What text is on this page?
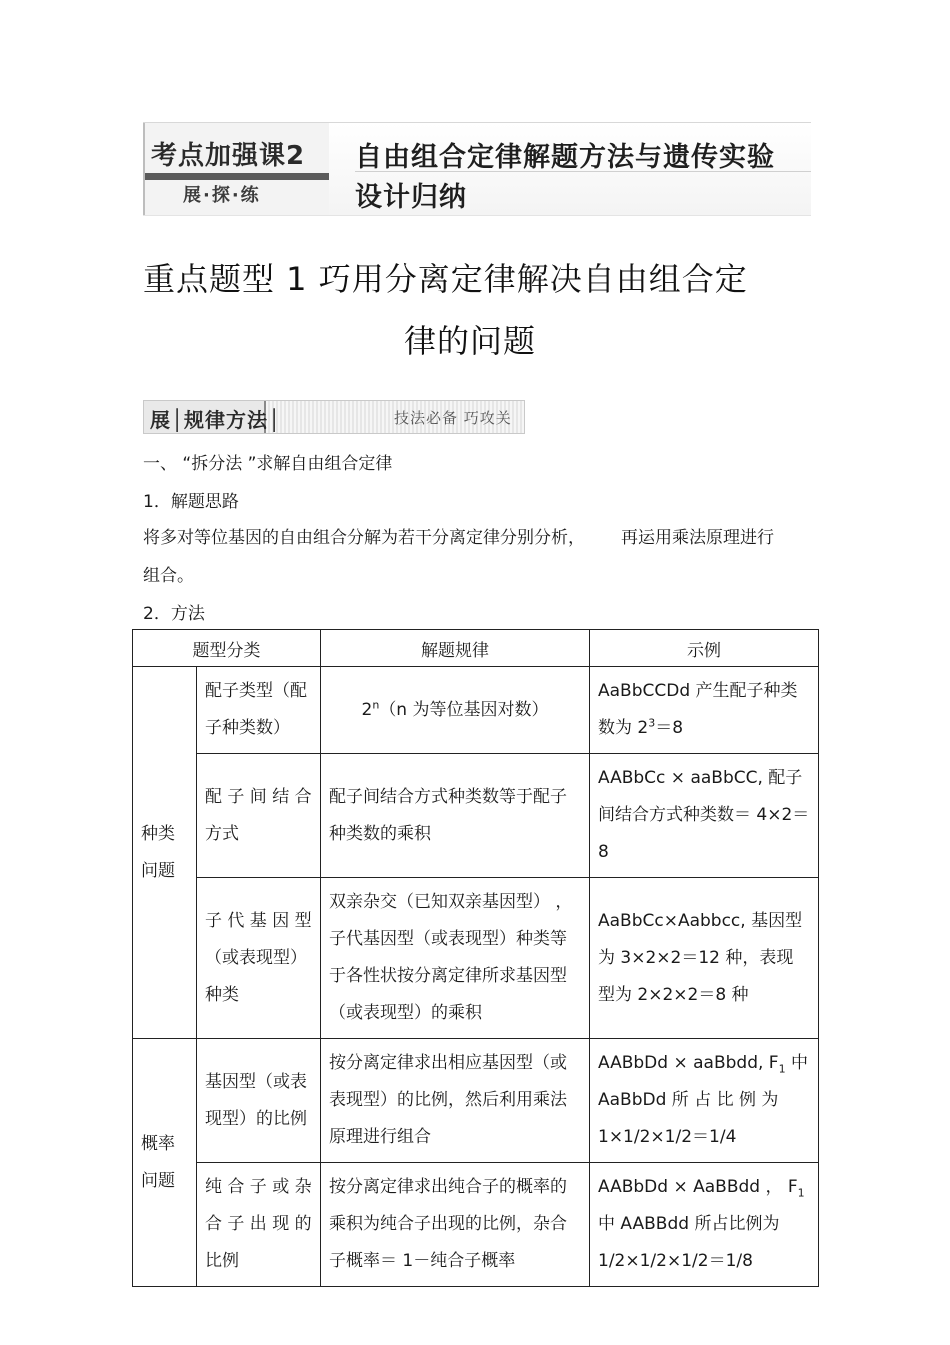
考点加强课2
展·探·练
自由组合定律解题方法与遗传实验
设计归纳
重点题型 1 巧用分离定律解决自由组合定
律的问题
展│规律方法│	技法必备 巧攻关
一、 “拆分法 ”求解自由组合定律
1．解题思路
将多对等位基因的自由组合分解为若干分离定律分别分析， 再运用乘法原理进行
组合。
2．方法
题型分类		解题规律	示例
种类问题	配子类型（配子种类数）	2$^n$（n 为等位基因对数）	AaBbCCDd 产生配子种类数为 $2^3=8$
	配 子 间 结 合方式	配子间结合方式种类数等于配子种类数的乘积	AABbCc × aaBbCC, 配子间结合方式种类数＝ 4×2＝8
	子 代 基 因 型（或表现型）种类	双亲杂交（已知双亲基因型） ，子代基因型（或表现型）种类等于各性状按分离定律所求基因型（或表现型）的乘积	AaBbCc×Aabbcc, 基因型为 3×2×2＝12 种，表现型为 2×2×2＝8 种
概率问题	基因型（或表现型）的比例	按分离定律求出相应基因型（或表现型）的比例，然后利用乘法原理进行组合	AABbDd × aaBbdd, $F_1$ 中 AaBbDd 所 占 比 例 为 1×1/2×1/2＝1/4
	纯 合 子 或 杂合 子 出 现 的比例	按分离定律求出纯合子的概率的乘积为纯合子出现的比例，杂合子概率＝ 1－纯合子概率	AABbDd × AaBBdd ， $F_1$ 中 AABBdd 所占比例为 1/2×1/2×1/2＝1/8
